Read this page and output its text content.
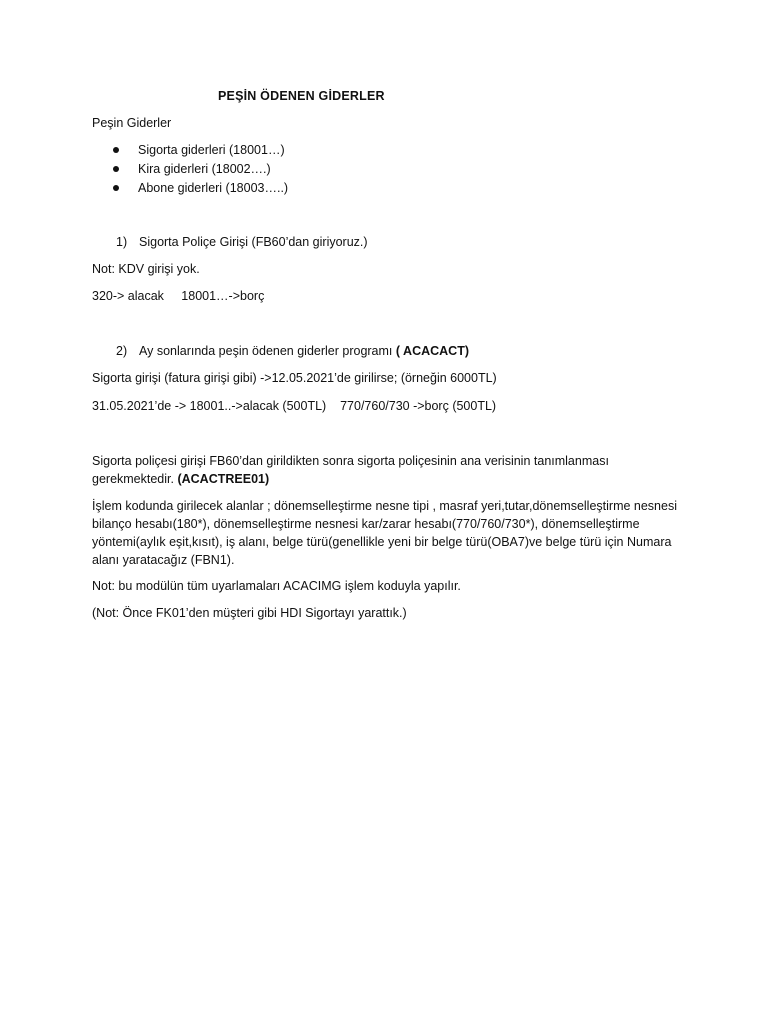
PEŞİN ÖDENEN GİDERLER
Peşin Giderler
Sigorta giderleri (18001…)
Kira giderleri (18002….)
Abone giderleri (18003…..)
1) Sigorta Poliçe Girişi (FB60’dan giriyoruz.)
Not: KDV girişi yok.
320-> alacak     18001…->borç
2) Ay sonlarında peşin ödenen giderler programı ( ACACACT)
Sigorta girişi (fatura girişi gibi) ->12.05.2021’de girilirse; (örneğin 6000TL)
31.05.2021’de -> 18001..->alacak (500TL)    770/760/730 ->borç (500TL)
Sigorta poliçesi girişi FB60’dan girildikten sonra sigorta poliçesinin ana verisinin tanımlanması gerekmektedir. (ACACTREE01)
İşlem kodunda girilecek alanlar ; dönemselleştirme nesne tipi , masraf yeri,tutar,dönemselleştirme nesnesi bilanço hesabı(180*), dönemselleştirme nesnesi kar/zarar hesabı(770/760/730*), dönemselleştirme yöntemi(aylık eşit,kısıt), iş alanı, belge türü(genellikle yeni bir belge türü(OBA7)ve belge türü için Numara alanı yaratacağız (FBN1).
Not: bu modülün tüm uyarlamaları ACACIMG işlem koduyla yapılır.
(Not: Önce FK01’den müşteri gibi HDI Sigortayı yarattık.)
